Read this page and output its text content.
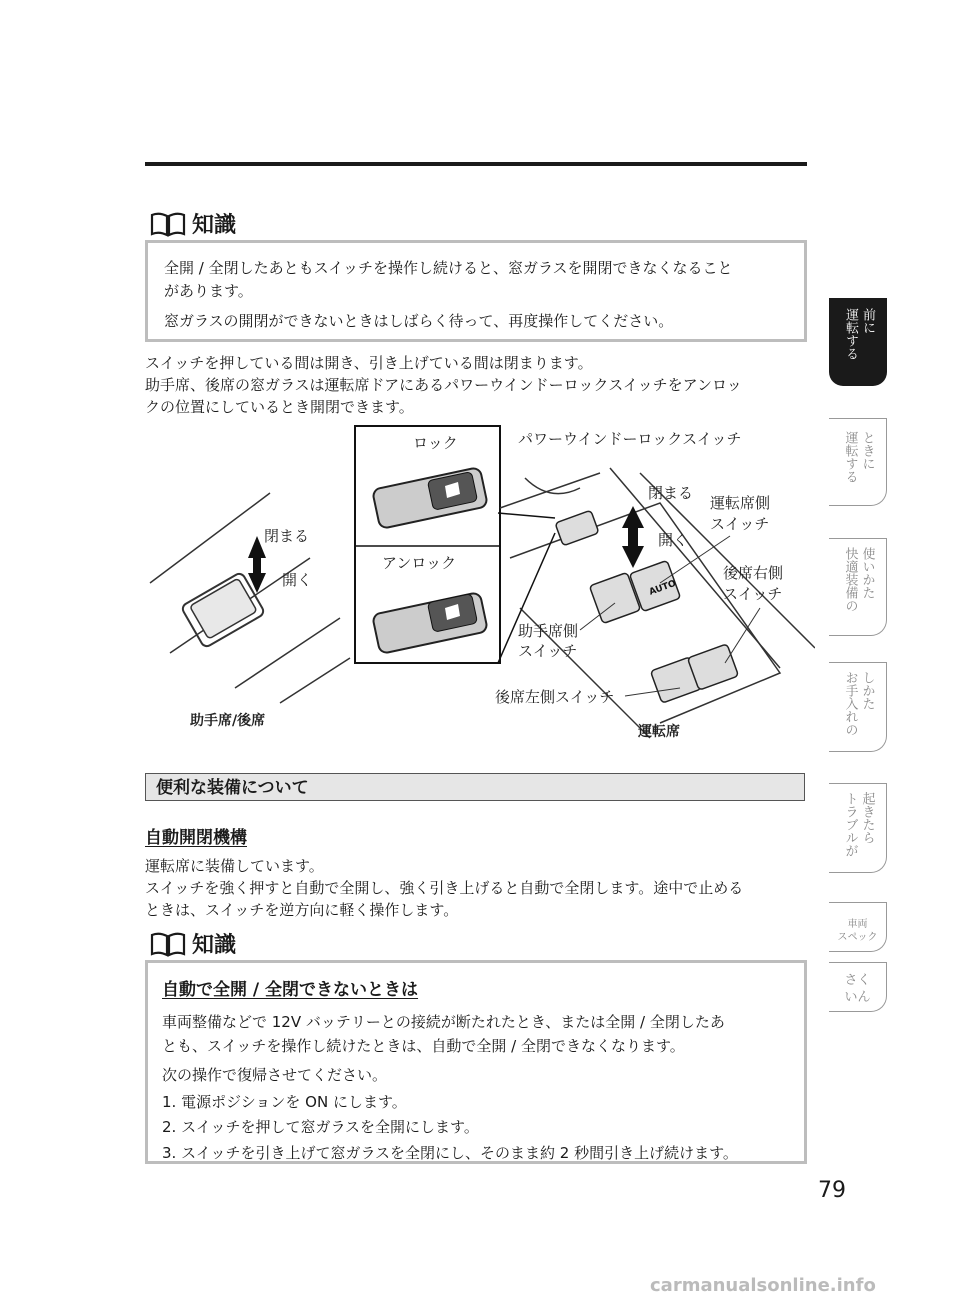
知識

全開 / 全閉したあともスイッチを操作し続けると、窓ガラスを開閉できなくなること

があります。

窓ガラスの開閉ができないときはしばらく待って、再度操作してください。

スイッチを押している間は開き、引き上げている間は閉まります。

助手席、後席の窓ガラスは運転席ドアにあるパワーウインドーロックスイッチをアンロッ

クの位置にしているとき開閉できます。

閉まる
開く
ロック
アンロック
パワーウインドーロックスイッチ
AUTO
閉まる
開く
運転席側
スイッチ
後席右側
スイッチ
助手席側
スイッチ
後席左側スイッチ
助手席/後席
運転席
便利な装備について
自動開閉機構

運転席に装備しています。

スイッチを強く押すと自動で全開し、強く引き上げると自動で全閉します。途中で止める

ときは、スイッチを逆方向に軽く操作します。

知識

自動で全開 / 全閉できないときは

車両整備などで 12V バッテリーとの接続が断たれたとき、または全開 / 全閉したあ

とも、スイッチを操作し続けたときは、自動で全開 / 全閉できなくなります。

次の操作で復帰させてください。

1. 電源ポジションを ON にします。
2. スイッチを押して窓ガラスを全開にします。
3. スイッチを引き上げて窓ガラスを全閉にし、そのまま約 2 秒間引き上げ続けます。
運転する 前に
運転する ときに
快適装備の 使いかた
お手入れの しかた
トラブルが 起きたら
車両
スペック
さく
いん
79
carmanualsonline.info
